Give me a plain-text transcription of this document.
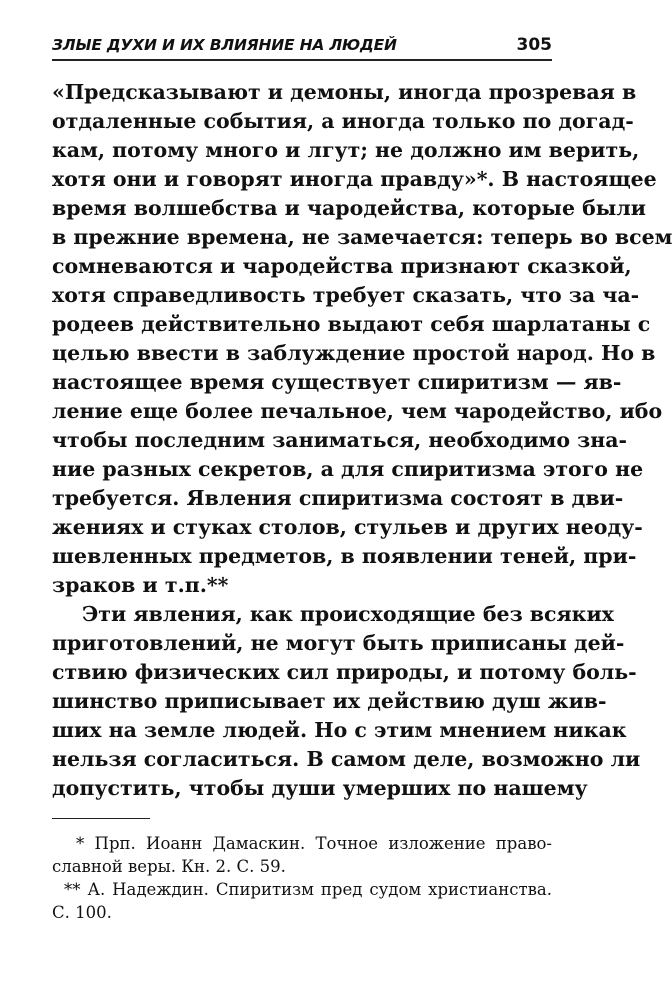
ЗЛЫЕ ДУХИ И ИХ ВЛИЯНИЕ НА ЛЮДЕЙ	305
«Предсказывают и демоны, иногда прозревая в
отдаленные события, а иногда только по догад-
кам, потому много и лгут; не должно им верить,
хотя они и говорят иногда правду»*. В настоящее
время волшебства и чародейства, которые были
в прежние времена, не замечается: теперь во всем
сомневаются и чародейства признают сказкой,
хотя справедливость требует сказать, что за ча-
родеев действительно выдают себя шарлатаны с
целью ввести в заблуждение простой народ. Но в
настоящее время существует спиритизм — яв-
ление еще более печальное, чем чародейство, ибо
чтобы последним заниматься, необходимо зна-
ние разных секретов, а для спиритизма этого не
требуется. Явления спиритизма состоят в дви-
жениях и стуках столов, стульев и других неоду-
шевленных предметов, в появлении теней, при-
зраков и т.п.**
Эти явления, как происходящие без всяких
приготовлений, не могут быть приписаны дей-
ствию физических сил природы, и потому боль-
шинство приписывает их действию душ жив-
ших на земле людей. Но с этим мнением никак
нельзя согласиться. В самом деле, возможно ли
допустить, чтобы души умерших по нашему
* Прп. Иоанн Дамаскин. Точное изложение право-
славной веры. Кн. 2. С. 59.
** А. Надеждин. Спиритизм пред судом христианства.
С. 100.
